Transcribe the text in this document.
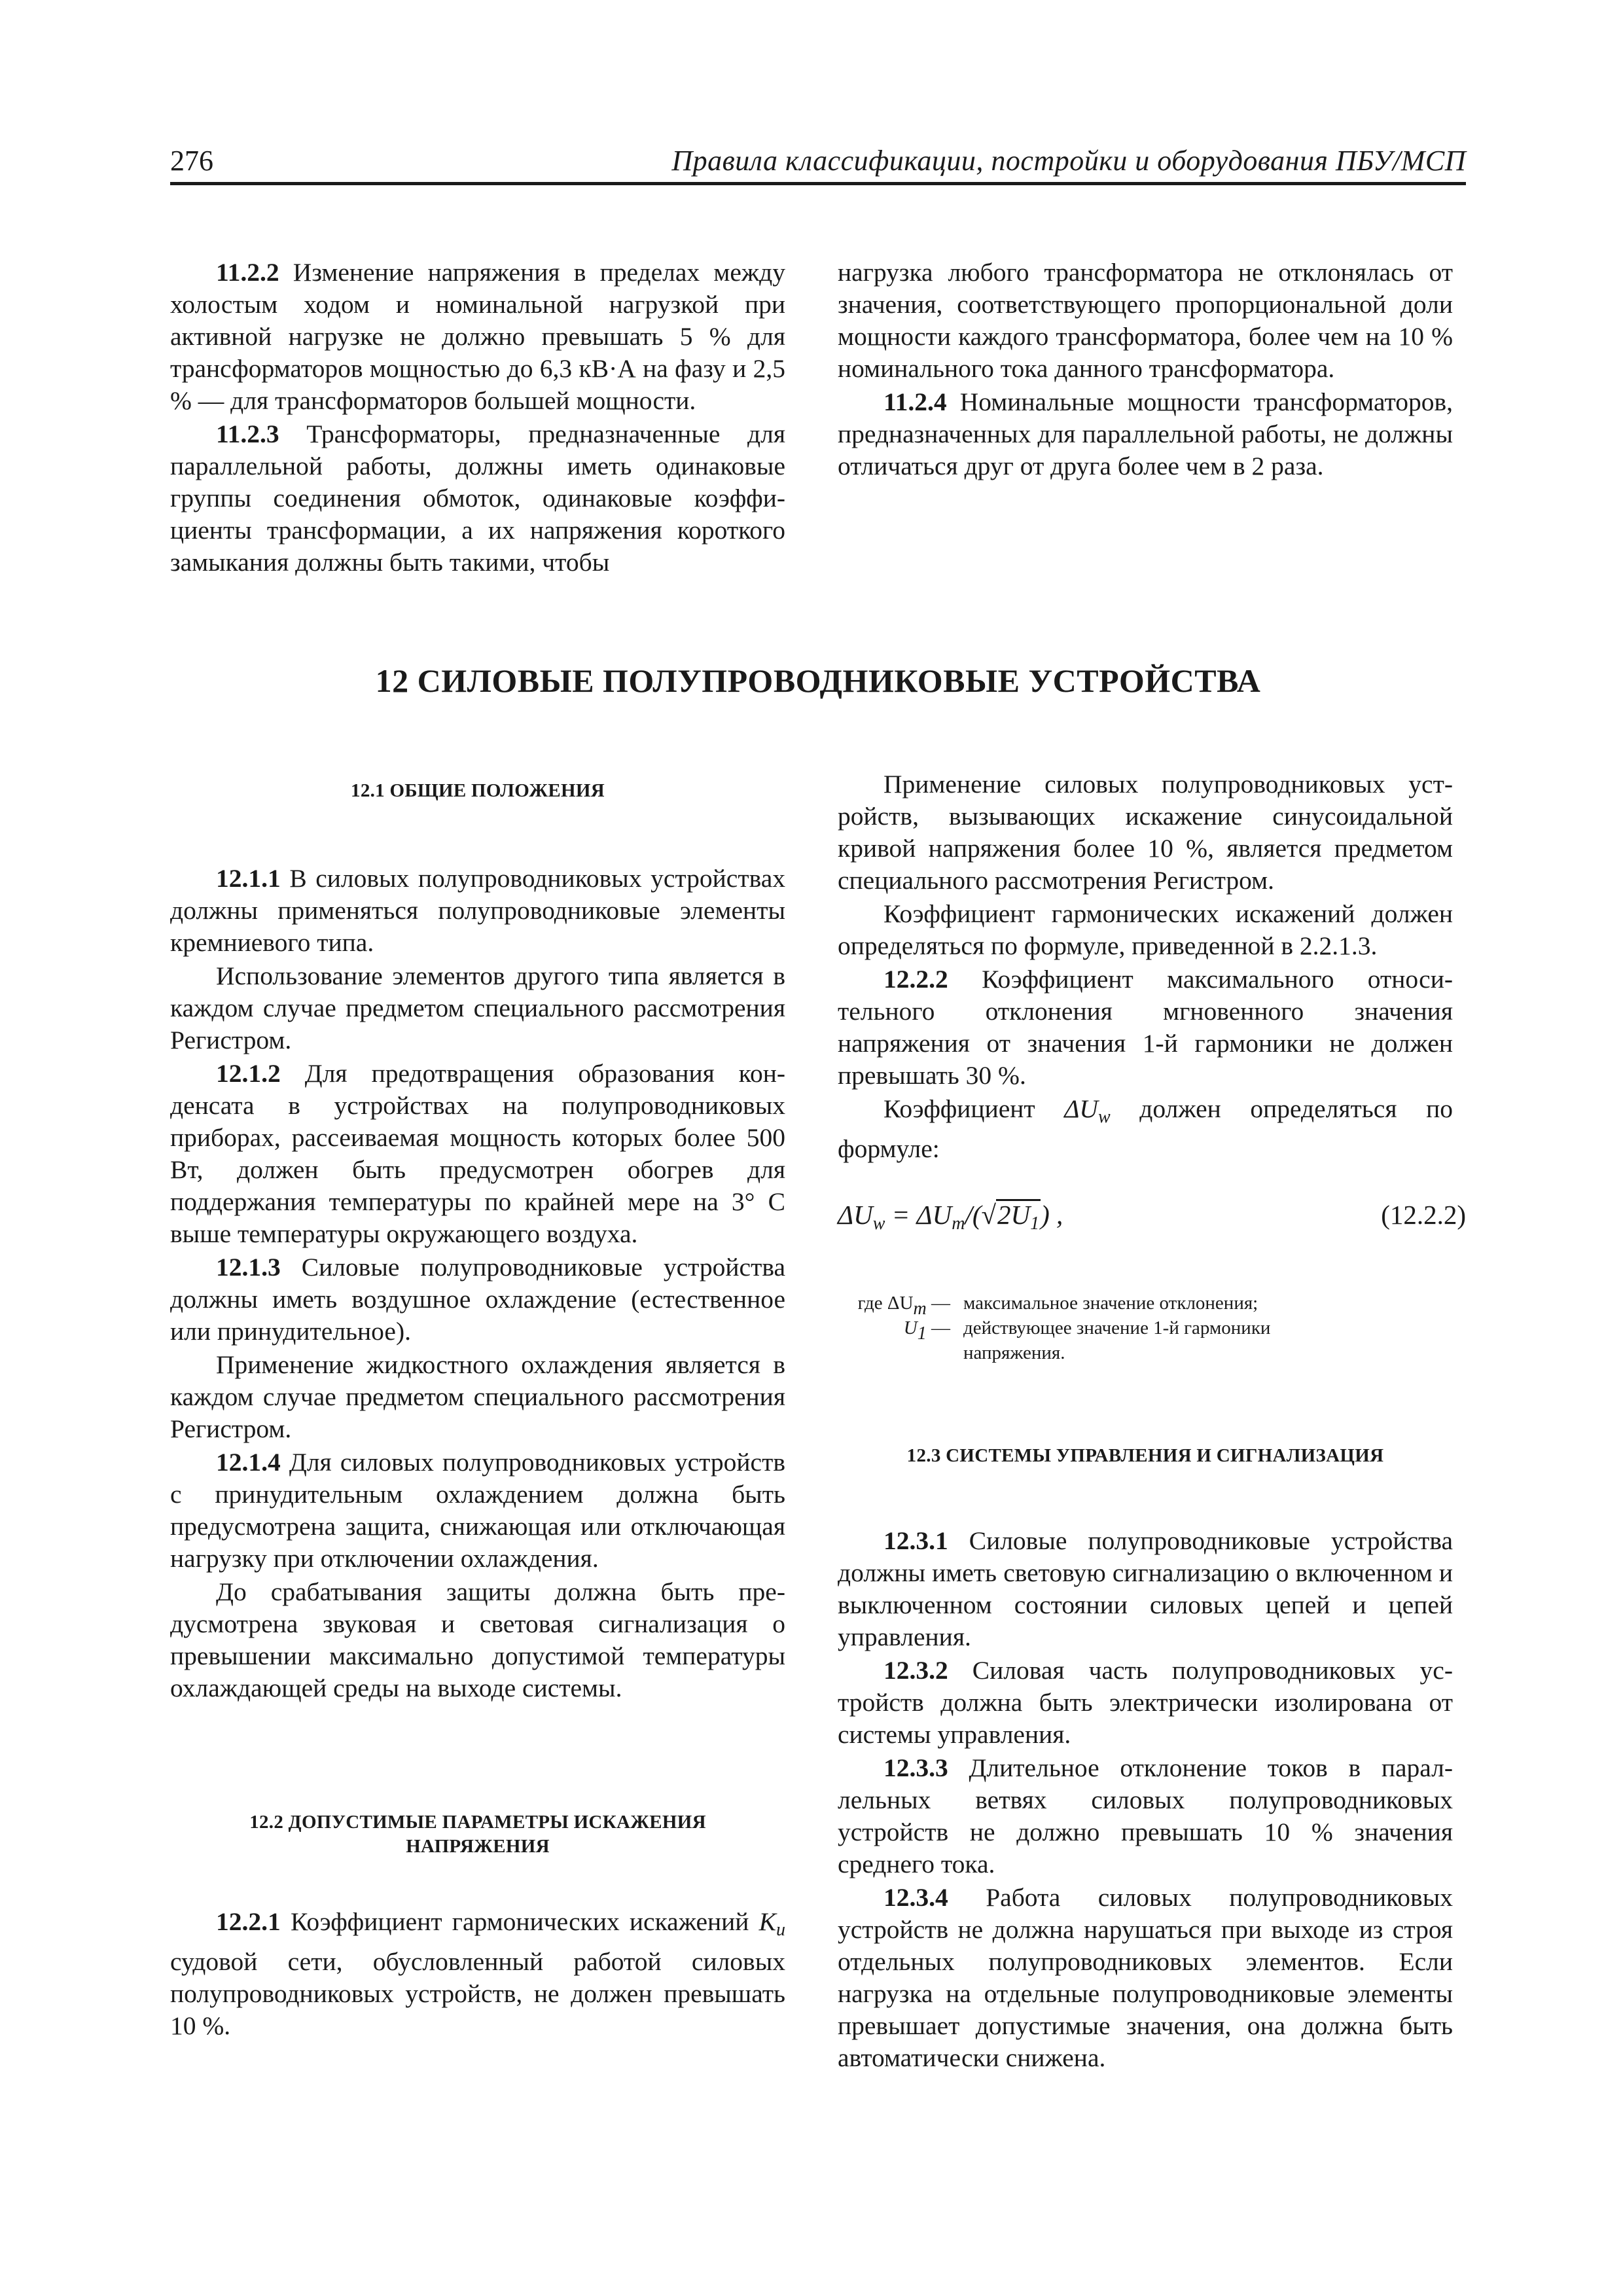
276	Правила классификации, постройки и оборудования ПБУ/МСП

11.2.2 Изменение напряжения в пределах между холостым ходом и номинальной нагрузкой при активной нагрузке не должно превышать 5 % для трансформаторов мощностью до 6,3 кВ·А на фазу и 2,5 % — для трансформаторов большей мощности.

11.2.3 Трансформаторы, предназначенные для параллельной работы, должны иметь одинаковые группы соединения обмоток, одинаковые коэффициенты трансформации, а их напряжения короткого замыкания должны быть такими, чтобы

нагрузка любого трансформатора не отклонялась от значения, соответствующего пропорциональной доли мощности каждого трансформатора, более чем на 10 % номинального тока данного трансформатора.

11.2.4 Номинальные мощности трансформаторов, предназначенных для параллельной работы, не должны отличаться друг от друга более чем в 2 раза.

12 СИЛОВЫЕ ПОЛУПРОВОДНИКОВЫЕ УСТРОЙСТВА
12.1 ОБЩИЕ ПОЛОЖЕНИЯ

12.1.1 В силовых полупроводниковых устройствах должны применяться полупроводниковые элементы кремниевого типа.

Использование элементов другого типа является в каждом случае предметом специального рассмотрения Регистром.

12.1.2 Для предотвращения образования конденсата в устройствах на полупроводниковых приборах, рассеиваемая мощность которых более 500 Вт, должен быть предусмотрен обогрев для поддержания температуры по крайней мере на 3° С выше температуры окружающего воздуха.

12.1.3 Силовые полупроводниковые устройства должны иметь воздушное охлаждение (естественное или принудительное).

Применение жидкостного охлаждения является в каждом случае предметом специального рассмотрения Регистром.

12.1.4 Для силовых полупроводниковых устройств с принудительным охлаждением должна быть предусмотрена защита, снижающая или отключающая нагрузку при отключении охлаждения.

До срабатывания защиты должна быть предусмотрена звуковая и световая сигнализация о превышении максимально допустимой температуры охлаждающей среды на выходе системы.

12.2 ДОПУСТИМЫЕ ПАРАМЕТРЫ ИСКАЖЕНИЯ
НАПРЯЖЕНИЯ

12.2.1 Коэффициент гармонических искажений $K_u$ судовой сети, обусловленный работой силовых полупроводниковых устройств, не должен превышать 10 %.

Применение силовых полупроводниковых устройств, вызывающих искажение синусоидальной кривой напряжения более 10 %, является предметом специального рассмотрения Регистром.

Коэффициент гармонических искажений должен определяться по формуле, приведенной в 2.2.1.3.

12.2.2 Коэффициент максимального относительного отклонения мгновенного значения напряжения от значения 1-й гармоники не должен превышать 30 %.

Коэффициент $\Delta U_w$ должен определяться по формуле:

$\Delta U_w = \Delta U_m/(√2U_1)$ ,	(12.2.2)
где ΔUm — максимальное значение отклонения;
U1 — действующее значение 1-й гармоники
напряжения.
12.3 СИСТЕМЫ УПРАВЛЕНИЯ И СИГНАЛИЗАЦИЯ

12.3.1 Силовые полупроводниковые устройства должны иметь световую сигнализацию о включенном и выключенном состоянии силовых цепей и цепей управления.

12.3.2 Силовая часть полупроводниковых устройств должна быть электрически изолирована от системы управления.

12.3.3 Длительное отклонение токов в параллельных ветвях силовых полупроводниковых устройств не должно превышать 10 % значения среднего тока.

12.3.4 Работа силовых полупроводниковых устройств не должна нарушаться при выходе из строя отдельных полупроводниковых элементов. Если нагрузка на отдельные полупроводниковые элементы превышает допустимые значения, она должна быть автоматически снижена.
